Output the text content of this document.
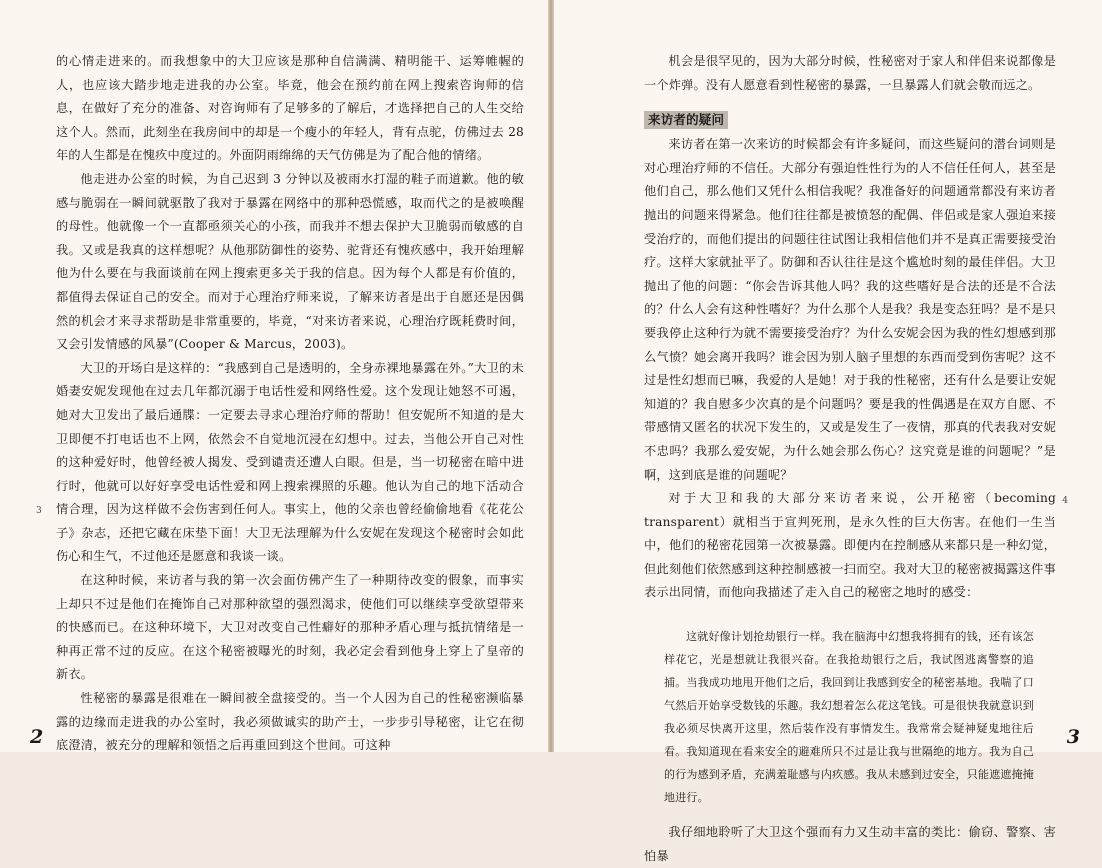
的心情走进来的。而我想象中的大卫应该是那种自信满满、精明能干、运筹帷幄的人，也应该大踏步地走进我的办公室。毕竟，他会在预约前在网上搜索咨询师的信息，在做好了充分的准备、对咨询师有了足够多的了解后，才选择把自己的人生交给这个人。然而，此刻坐在我房间中的却是一个瘦小的年轻人，背有点驼，仿佛过去 28 年的人生都是在愧疚中度过的。外面阴雨绵绵的天气仿佛是为了配合他的情绪。

他走进办公室的时候，为自己迟到 3 分钟以及被雨水打湿的鞋子而道歉。他的敏感与脆弱在一瞬间就驱散了我对于暴露在网络中的那种恐慌感，取而代之的是被唤醒的母性。他就像一个一直都亟须关心的小孩，而我并不想去保护大卫脆弱而敏感的自我。又或是我真的这样想呢？从他那防御性的姿势、驼背还有愧疚感中，我开始理解他为什么要在与我面谈前在网上搜索更多关于我的信息。因为每个人都是有价值的，都值得去保证自己的安全。而对于心理治疗师来说，了解来访者是出于自愿还是因偶然的机会才来寻求帮助是非常重要的，毕竟，“对来访者来说，心理治疗既耗费时间，又会引发情感的风暴”(Cooper & Marcus，2003)。

大卫的开场白是这样的：“我感到自己是透明的，全身赤裸地暴露在外。”大卫的未婚妻安妮发现他在过去几年都沉溺于电话性爱和网络性爱。这个发现让她怒不可遏，她对大卫发出了最后通牒：一定要去寻求心理治疗师的帮助！但安妮所不知道的是大卫即便不打电话也不上网，依然会不自觉地沉浸在幻想中。过去，当他公开自己对性的这种爱好时，他曾经被人揭发、受到谴责还遭人白眼。但是，当一切秘密在暗中进行时，他就可以好好享受电话性爱和网上搜索裸照的乐趣。他认为自己的地下活动合情合理，因为这样做不会伤害到任何人。事实上，他的父亲也曾经偷偷地看《花花公子》杂志，还把它藏在床垫下面！大卫无法理解为什么安妮在发现这个秘密时会如此伤心和生气，不过他还是愿意和我谈一谈。

在这种时候，来访者与我的第一次会面仿佛产生了一种期待改变的假象，而事实上却只不过是他们在掩饰自己对那种欲望的强烈渴求，使他们可以继续享受欲望带来的快感而已。在这种环境下，大卫对改变自己性癖好的那种矛盾心理与抵抗情绪是一种再正常不过的反应。在这个秘密被曝光的时刻，我必定会看到他身上穿上了皇帝的新衣。

性秘密的暴露是很难在一瞬间被全盘接受的。当一个人因为自己的性秘密濒临暴露的边缘而走进我的办公室时，我必须做诚实的助产士，一步步引导秘密，让它在彻底澄清，被充分的理解和领悟之后再重回到这个世间。可这种

3
2

机会是很罕见的，因为大部分时候，性秘密对于家人和伴侣来说都像是一个炸弹。没有人愿意看到性秘密的暴露，一旦暴露人们就会敬而远之。

来访者的疑问

来访者在第一次来访的时候都会有许多疑问，而这些疑问的潜台词则是对心理治疗师的不信任。大部分有强迫性性行为的人不信任任何人，甚至是他们自己，那么他们又凭什么相信我呢？我准备好的问题通常都没有来访者抛出的问题来得紧急。他们往往都是被愤怒的配偶、伴侣或是家人强迫来接受治疗的，而他们提出的问题往往试图让我相信他们并不是真正需要接受治疗。这样大家就扯平了。防御和否认往往是这个尴尬时刻的最佳伴侣。大卫抛出了他的问题：“你会告诉其他人吗？我的这些嗜好是合法的还是不合法的？什么人会有这种性嗜好？为什么那个人是我？我是变态狂吗？是不是只要我停止这种行为就不需要接受治疗？为什么安妮会因为我的性幻想感到那么气愤？她会离开我吗？谁会因为别人脑子里想的东西而受到伤害呢？这不过是性幻想而已嘛，我爱的人是她！对于我的性秘密，还有什么是要让安妮知道的？我自慰多少次真的是个问题吗？要是我的性偶遇是在双方自愿、不带感情又匿名的状况下发生的，又或是发生了一夜情，那真的代表我对安妮不忠吗？我那么爱安妮，为什么她会那么伤心？这究竟是谁的问题呢？”是啊，这到底是谁的问题呢？

对于大卫和我的大部分来访者来说，公开秘密（becoming transparent）就相当于宣判死刑，是永久性的巨大伤害。在他们一生当中，他们的秘密花园第一次被暴露。即便内在控制感从来都只是一种幻觉，但此刻他们依然感到这种控制感被一扫而空。我对大卫的秘密被揭露这件事表示出同情，而他向我描述了走入自己的秘密之地时的感受：

这就好像计划抢劫银行一样。我在脑海中幻想我将拥有的钱，还有该怎样花它，光是想就让我很兴奋。在我抢劫银行之后，我试图逃离警察的追捕。当我成功地甩开他们之后，我回到让我感到安全的秘密基地。我喘了口气然后开始享受数钱的乐趣。我幻想着怎么花这笔钱。可是很快我就意识到我必须尽快离开这里，然后装作没有事情发生。我常常会疑神疑鬼地往后看。我知道现在看来安全的避难所只不过是让我与世隔绝的地方。我为自己的行为感到矛盾，充满羞耻感与内疚感。我从未感到过安全，只能遮遮掩掩地进行。

我仔细地聆听了大卫这个强而有力又生动丰富的类比：偷窃、警察、害怕暴

4
3
